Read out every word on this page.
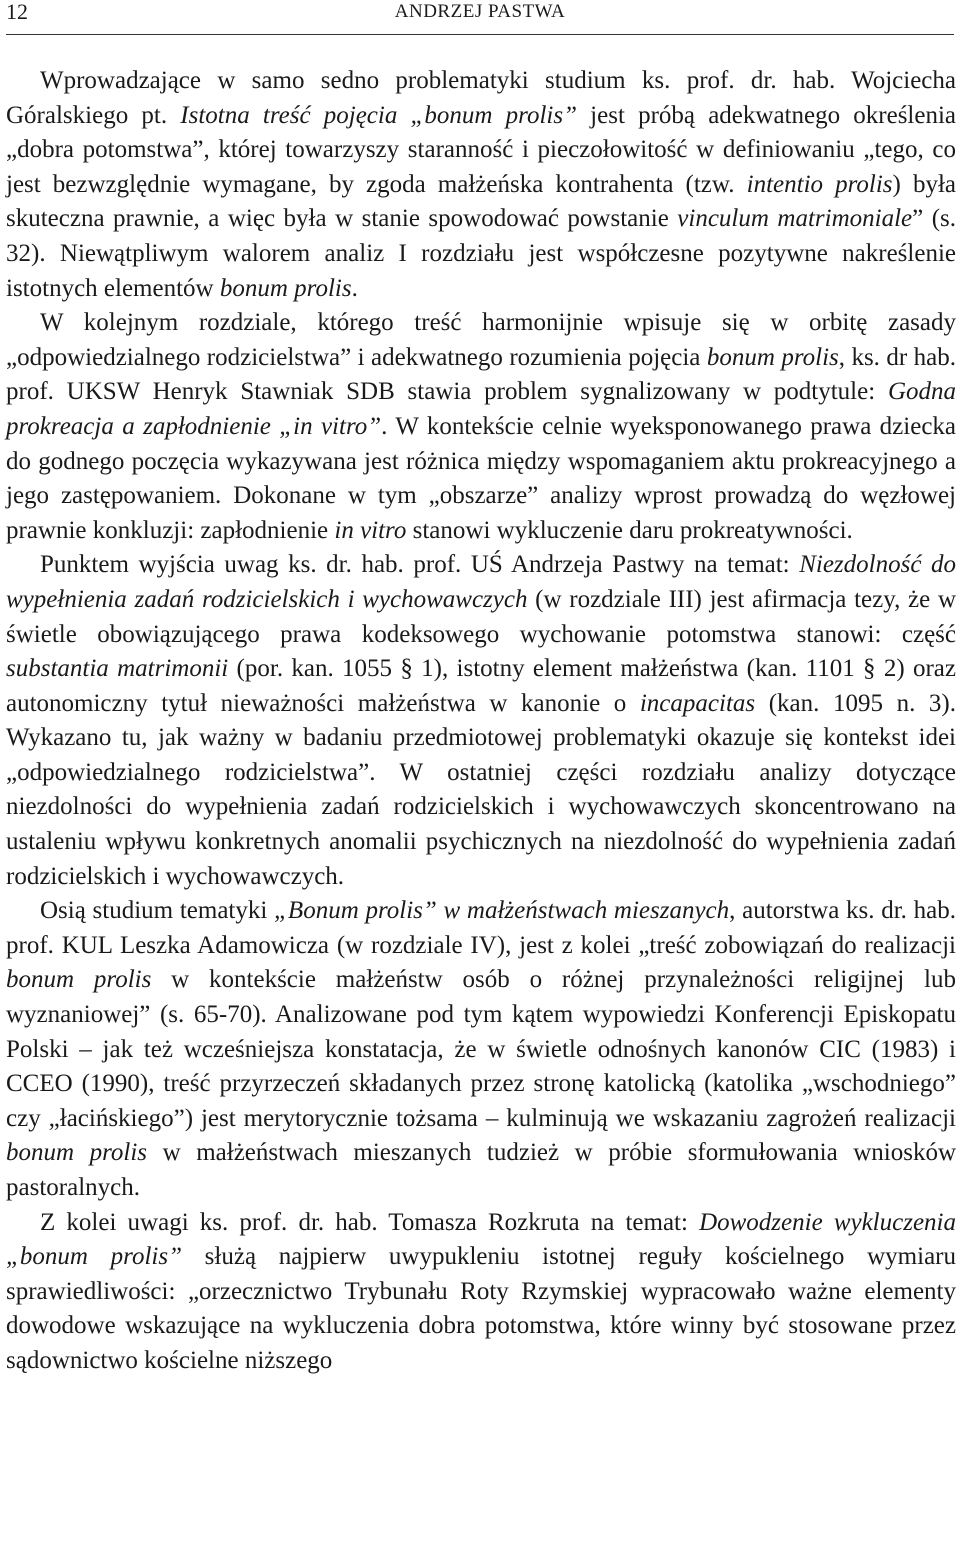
12	ANDRZEJ PASTWA

Wprowadzające w samo sedno problematyki studium ks. prof. dr. hab. Wojciecha Góralskiego pt. Istotna treść pojęcia „bonum prolis” jest próbą adekwatnego określenia „dobra potomstwa”, której towarzyszy staranność i pieczołowitość w definiowaniu „tego, co jest bezwzględnie wymagane, by zgoda małżeńska kontrahenta (tzw. intentio prolis) była skuteczna prawnie, a więc była w stanie spowodować powstanie vinculum matrimoniale” (s. 32). Niewątpliwym walorem analiz I rozdziału jest współczesne pozytywne nakreślenie istotnych elementów bonum prolis.

W kolejnym rozdziale, którego treść harmonijnie wpisuje się w orbitę zasady „odpowiedzialnego rodzicielstwa” i adekwatnego rozumienia pojęcia bonum prolis, ks. dr hab. prof. UKSW Henryk Stawniak SDB stawia problem sygnalizowany w podtytule: Godna prokreacja a zapłodnienie „in vitro”. W kontekście celnie wyeksponowanego prawa dziecka do godnego poczęcia wykazywana jest różnica między wspomaganiem aktu prokreacyjnego a jego zastępowaniem. Dokonane w tym „obszarze” analizy wprost prowadzą do węzłowej prawnie konkluzji: zapłodnienie in vitro stanowi wykluczenie daru prokreatywności.

Punktem wyjścia uwag ks. dr. hab. prof. UŚ Andrzeja Pastwy na temat: Niezdolność do wypełnienia zadań rodzicielskich i wychowawczych (w rozdziale III) jest afirmacja tezy, że w świetle obowiązującego prawa kodeksowego wychowanie potomstwa stanowi: część substantia matrimonii (por. kan. 1055 § 1), istotny element małżeństwa (kan. 1101 § 2) oraz autonomiczny tytuł nieważności małżeństwa w kanonie o incapacitas (kan. 1095 n. 3). Wykazano tu, jak ważny w badaniu przedmiotowej problematyki okazuje się kontekst idei „odpowiedzialnego rodzicielstwa”. W ostatniej części rozdziału analizy dotyczące niezdolności do wypełnienia zadań rodzicielskich i wychowawczych skoncentrowano na ustaleniu wpływu konkretnych anomalii psychicznych na niezdolność do wypełnienia zadań rodzicielskich i wychowawczych.

Osią studium tematyki „Bonum prolis” w małżeństwach mieszanych, autorstwa ks. dr. hab. prof. KUL Leszka Adamowicza (w rozdziale IV), jest z kolei „treść zobowiązań do realizacji bonum prolis w kontekście małżeństw osób o różnej przynależności religijnej lub wyznaniowej” (s. 65-70). Analizowane pod tym kątem wypowiedzi Konferencji Episkopatu Polski – jak też wcześniejsza konstatacja, że w świetle odnośnych kanonów CIC (1983) i CCEO (1990), treść przyrzeczeń składanych przez stronę katolicką (katolika „wschodniego” czy „łacińskiego”) jest merytorycznie tożsama – kulminują we wskazaniu zagrożeń realizacji bonum prolis w małżeństwach mieszanych tudzież w próbie sformułowania wniosków pastoralnych.

Z kolei uwagi ks. prof. dr. hab. Tomasza Rozkruta na temat: Dowodzenie wykluczenia „bonum prolis” służą najpierw uwypukleniu istotnej reguły kościelnego wymiaru sprawiedliwości: „orzecznictwo Trybunału Roty Rzymskiej wypracowało ważne elementy dowodowe wskazujące na wykluczenia dobra potomstwa, które winny być stosowane przez sądownictwo kościelne niższego
